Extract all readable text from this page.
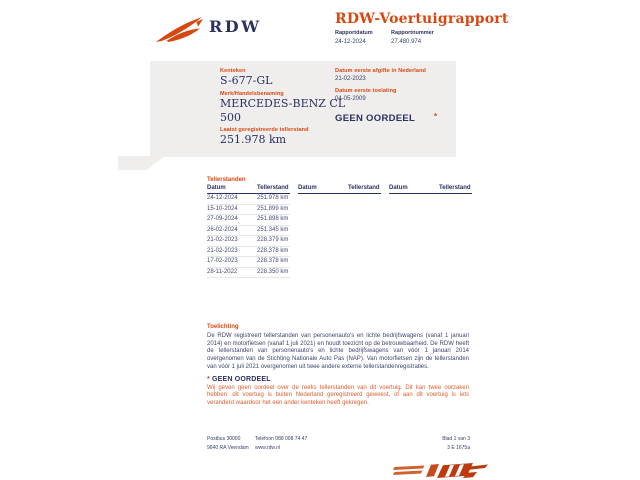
RDW	RDW-Voertuigrapport
Rapportdatum
24-12-2024

Rapportnummer
27.480.974
Kenteken
S-677-GL
Merk/Handelsbenaming
MERCEDES-BENZ CL 500
Laatst geregistreerde tellerstand
251.978 km
Datum eerste afgifte in Nederland
21-02-2023
Datum eerste toelating
04-05-2009
GEEN OORDEEL *
Tellerstanden
Datum	Tellerstand Datum	Tellerstand Datum	Tellerstand
24-12-2024	251.978 km
15-10-2024	251.899 km
27-09-2024	251.898 km
26-02-2024	251.345 km
21-02-2023	228.379 km
21-02-2023	228.378 km
17-02-2023	228.378 km
28-11-2022	228.350 km
Toelichting
De RDW registreert tellerstanden van personenauto's en lichte bedrijfswagens (vanaf 1 januari 2014) en motorfietsen (vanaf 1 juli 2021) en houdt toezicht op de betrouwbaarheid. De RDW heeft de tellerstanden van personenauto's en lichte bedrijfswagens van vóór 1 januari 2014 overgenomen van de Stichting Nationale Auto Pas (NAP). Van motorfietsen zijn de tellerstanden van vóór 1 juli 2021 overgenomen uit twee andere externe tellerstandenregistraties.
* GEEN OORDEEL
Wij geven geen oordeel over de reeks tellerstanden van dit voertuig. Dit kan twee oorzaken hebben: dit voertuig is buiten Nederland geregistreerd geweest, of aan dit voertuig is iets veranderd waardoor het een ander kenteken heeft gekregen.
Postbus 30000
9640 RA Veendam
Telefoon 088 008 74 47
www.rdw.nl
Blad 1 van 3
3 E 1675a
